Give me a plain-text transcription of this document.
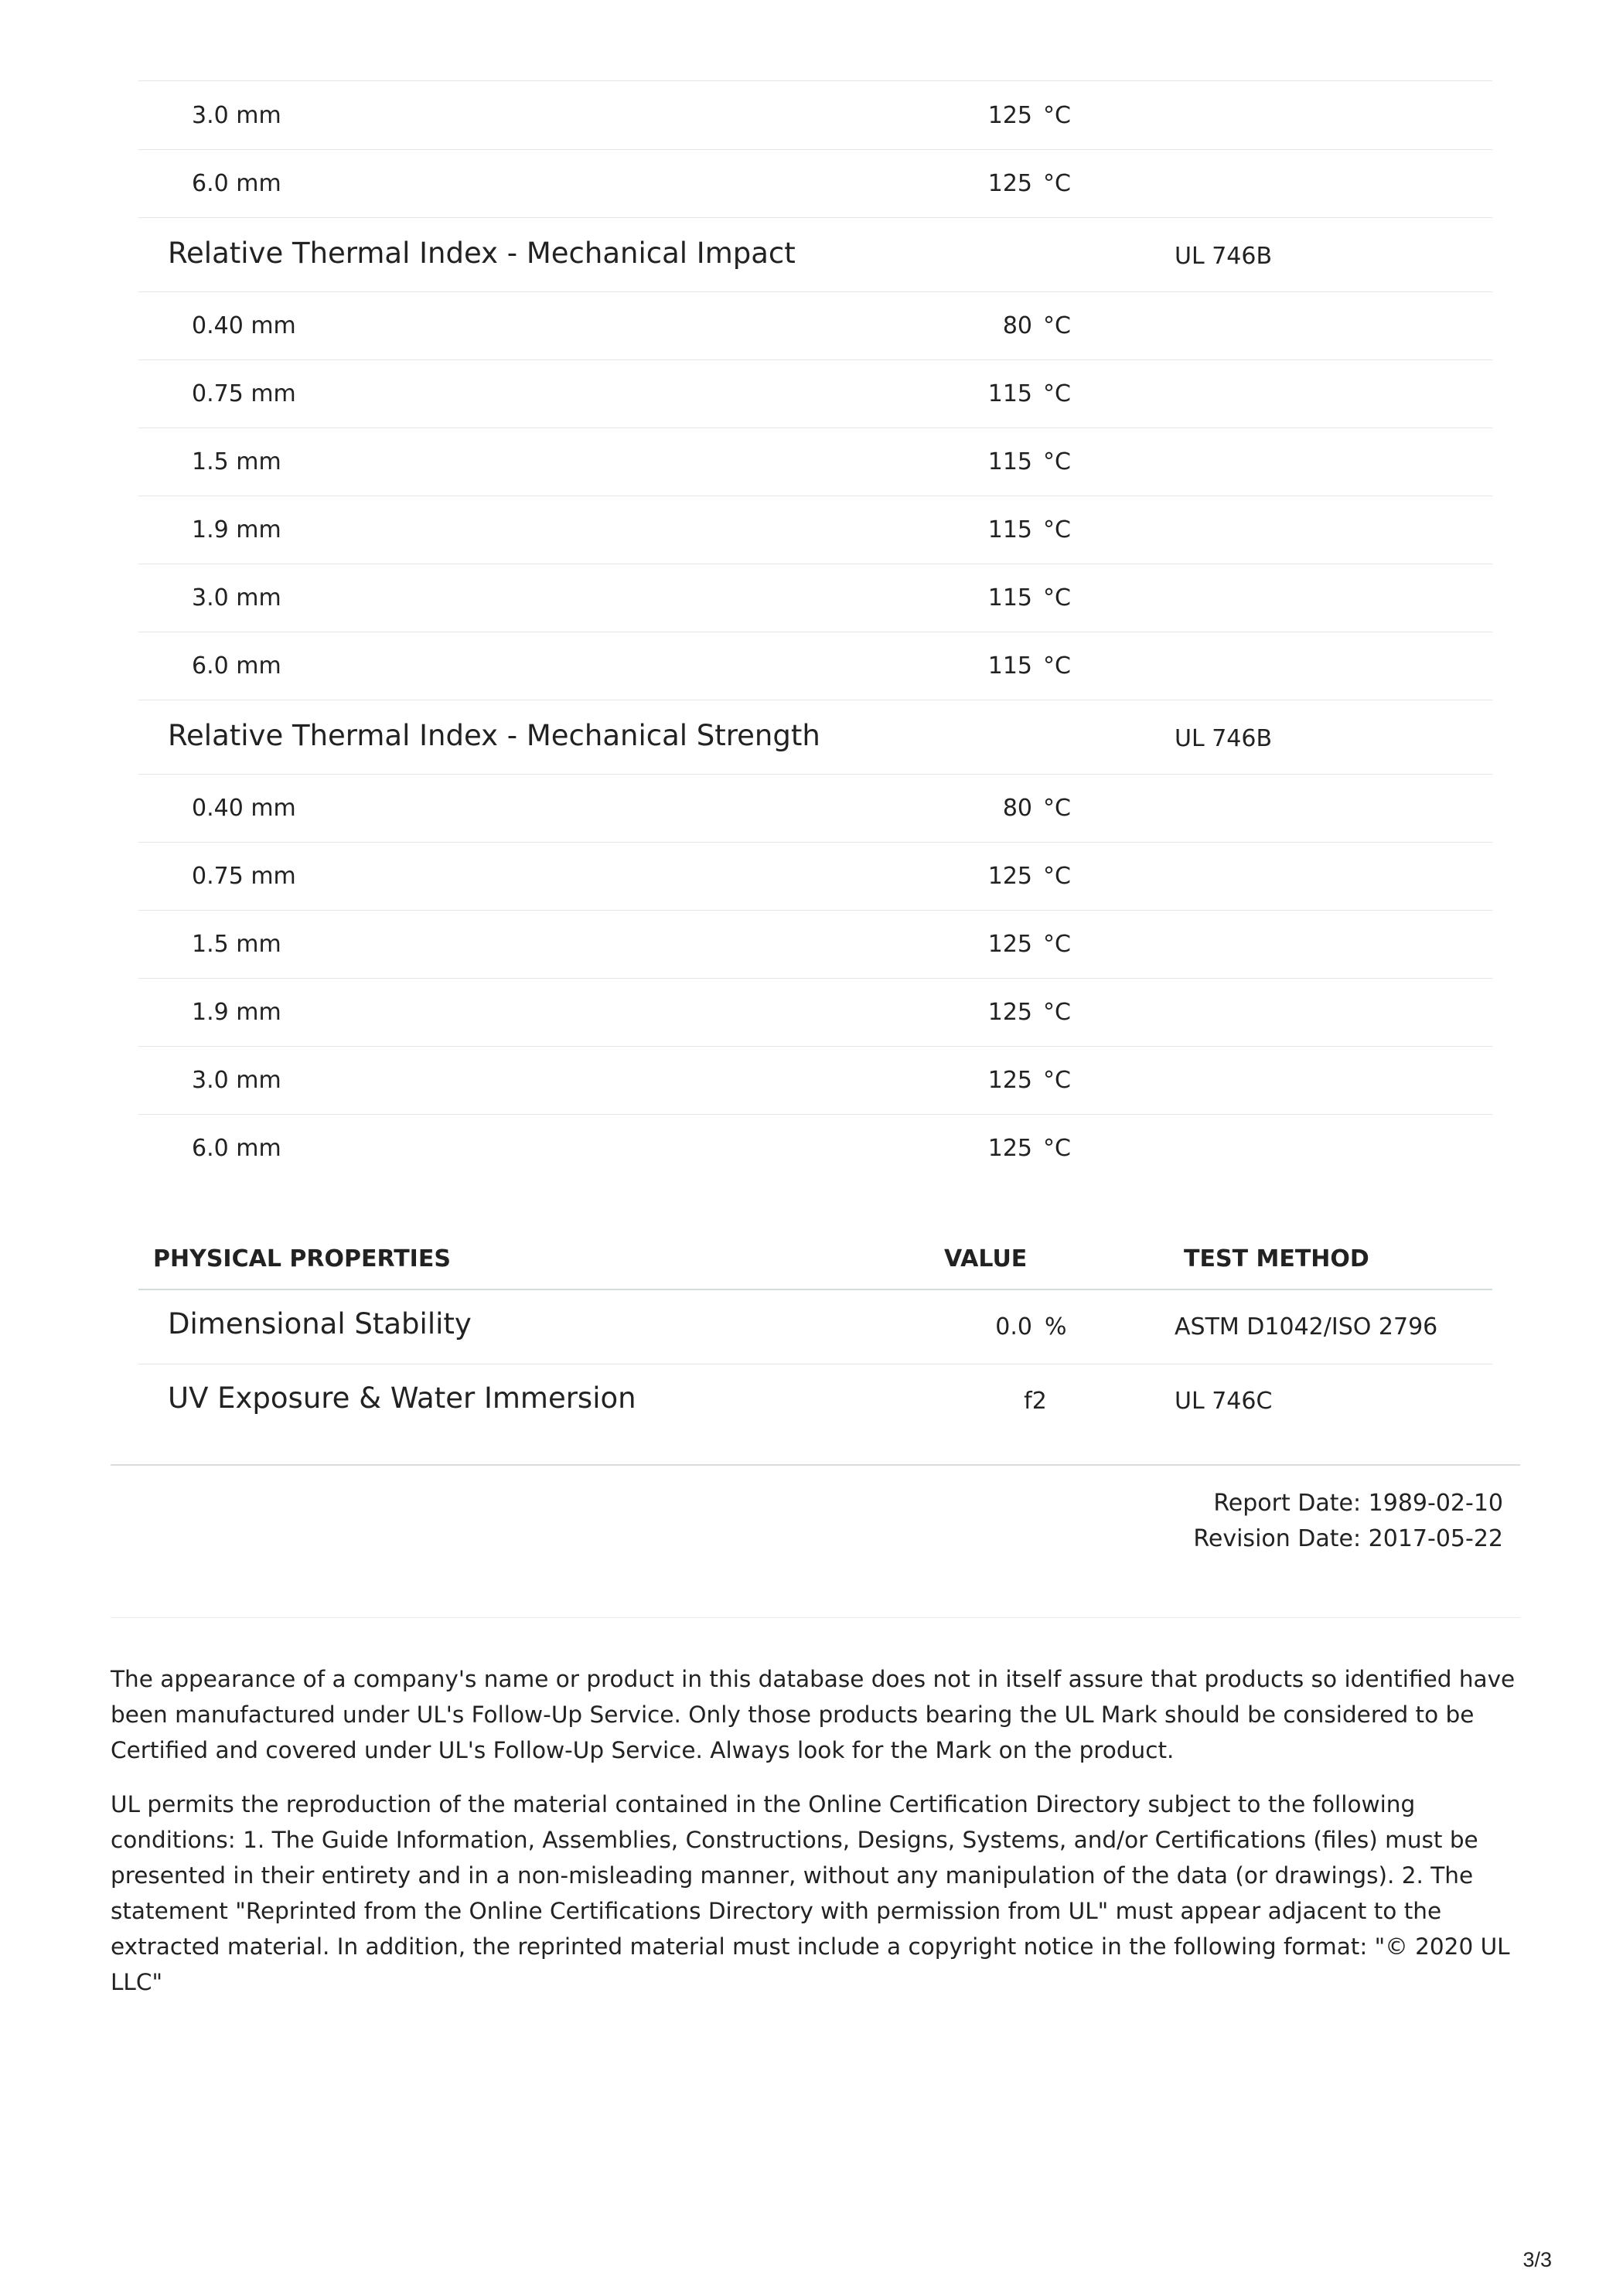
3.0 mm	125 °C
6.0 mm	125 °C
Relative Thermal Index - Mechanical Impact	UL 746B
0.40 mm	80 °C
0.75 mm	115 °C
1.5 mm	115 °C
1.9 mm	115 °C
3.0 mm	115 °C
6.0 mm	115 °C
Relative Thermal Index - Mechanical Strength	UL 746B
0.40 mm	80 °C
0.75 mm	125 °C
1.5 mm	125 °C
1.9 mm	125 °C
3.0 mm	125 °C
6.0 mm	125 °C
PHYSICAL PROPERTIES	VALUE	TEST METHOD
Dimensional Stability	0.0 %	ASTM D1042/ISO 2796
UV Exposure & Water Immersion	f2	UL 746C
Report Date: 1989-02-10
Revision Date: 2017-05-22

The appearance of a company's name or product in this database does not in itself assure that products so identified have been manufactured under UL's Follow-Up Service. Only those products bearing the UL Mark should be considered to be Certified and covered under UL's Follow-Up Service. Always look for the Mark on the product.

UL permits the reproduction of the material contained in the Online Certification Directory subject to the following conditions: 1. The Guide Information, Assemblies, Constructions, Designs, Systems, and/or Certifications (files) must be presented in their entirety and in a non-misleading manner, without any manipulation of the data (or drawings). 2. The statement "Reprinted from the Online Certifications Directory with permission from UL" must appear adjacent to the extracted material. In addition, the reprinted material must include a copyright notice in the following format: "© 2020 UL LLC"

3/3
